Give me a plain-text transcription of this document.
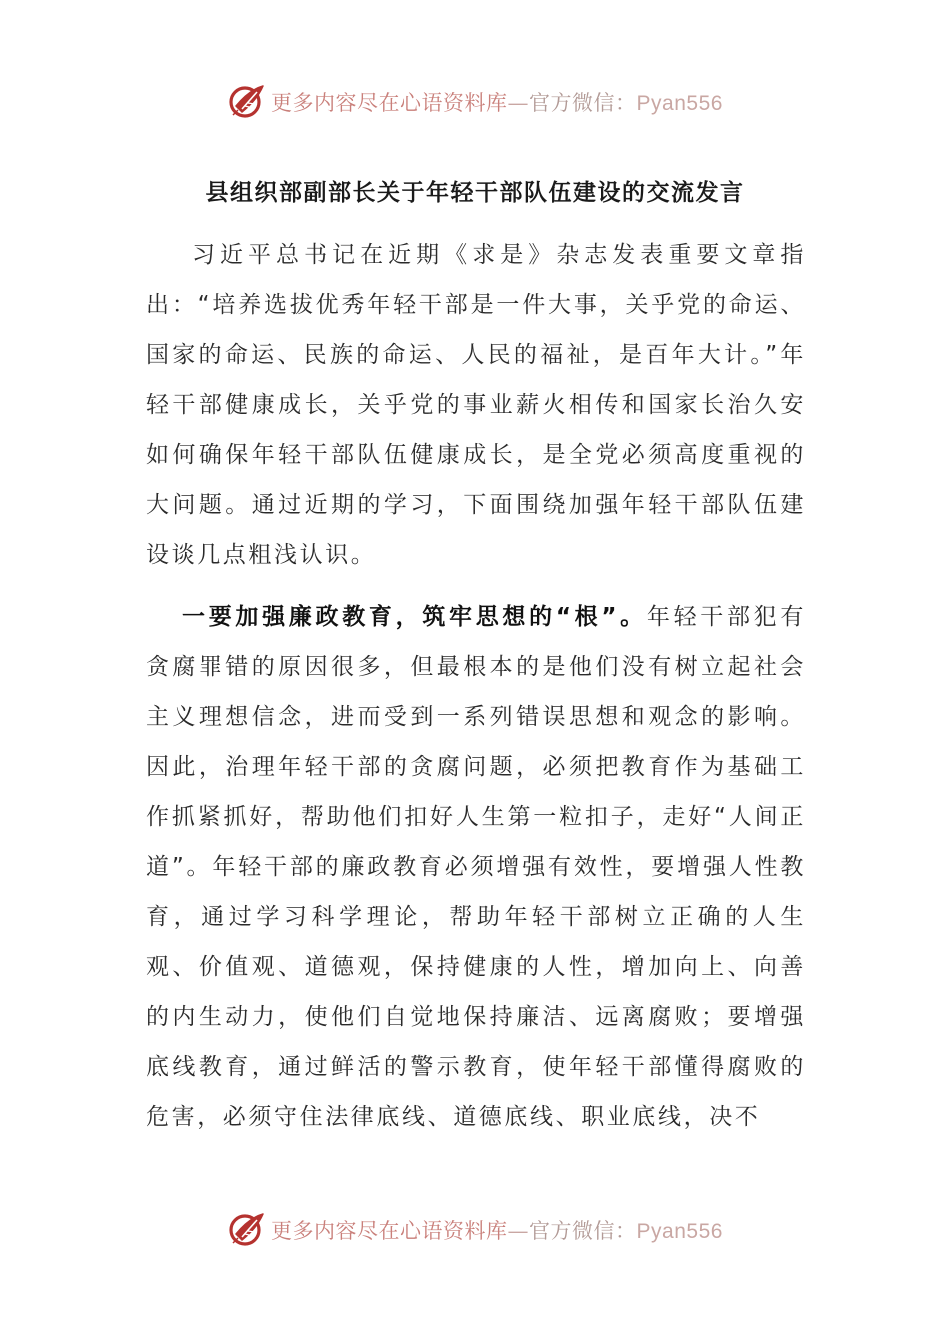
更多内容尽在心语资料库—官方微信：Pyan556
县组织部副部长关于年轻干部队伍建设的交流发言

习近平总书记在近期《求是》杂志发表重要文章指出：“培养选拔优秀年轻干部是一件大事，关乎党的命运、国家的命运、民族的命运、人民的福祉，是百年大计。”年轻干部健康成长，关乎党的事业薪火相传和国家长治久安如何确保年轻干部队伍健康成长，是全党必须高度重视的大问题。通过近期的学习，下面围绕加强年轻干部队伍建设谈几点粗浅认识。

一要加强廉政教育，筑牢思想的“根”。年轻干部犯有贪腐罪错的原因很多，但最根本的是他们没有树立起社会主义理想信念，进而受到一系列错误思想和观念的影响。因此，治理年轻干部的贪腐问题，必须把教育作为基础工作抓紧抓好，帮助他们扣好人生第一粒扣子，走好“人间正道”。年轻干部的廉政教育必须增强有效性，要增强人性教育，通过学习科学理论，帮助年轻干部树立正确的人生观、价值观、道德观，保持健康的人性，增加向上、向善的内生动力，使他们自觉地保持廉洁、远离腐败；要增强底线教育，通过鲜活的警示教育，使年轻干部懂得腐败的危害，必须守住法律底线、道德底线、职业底线，决不

更多内容尽在心语资料库—官方微信：Pyan556
